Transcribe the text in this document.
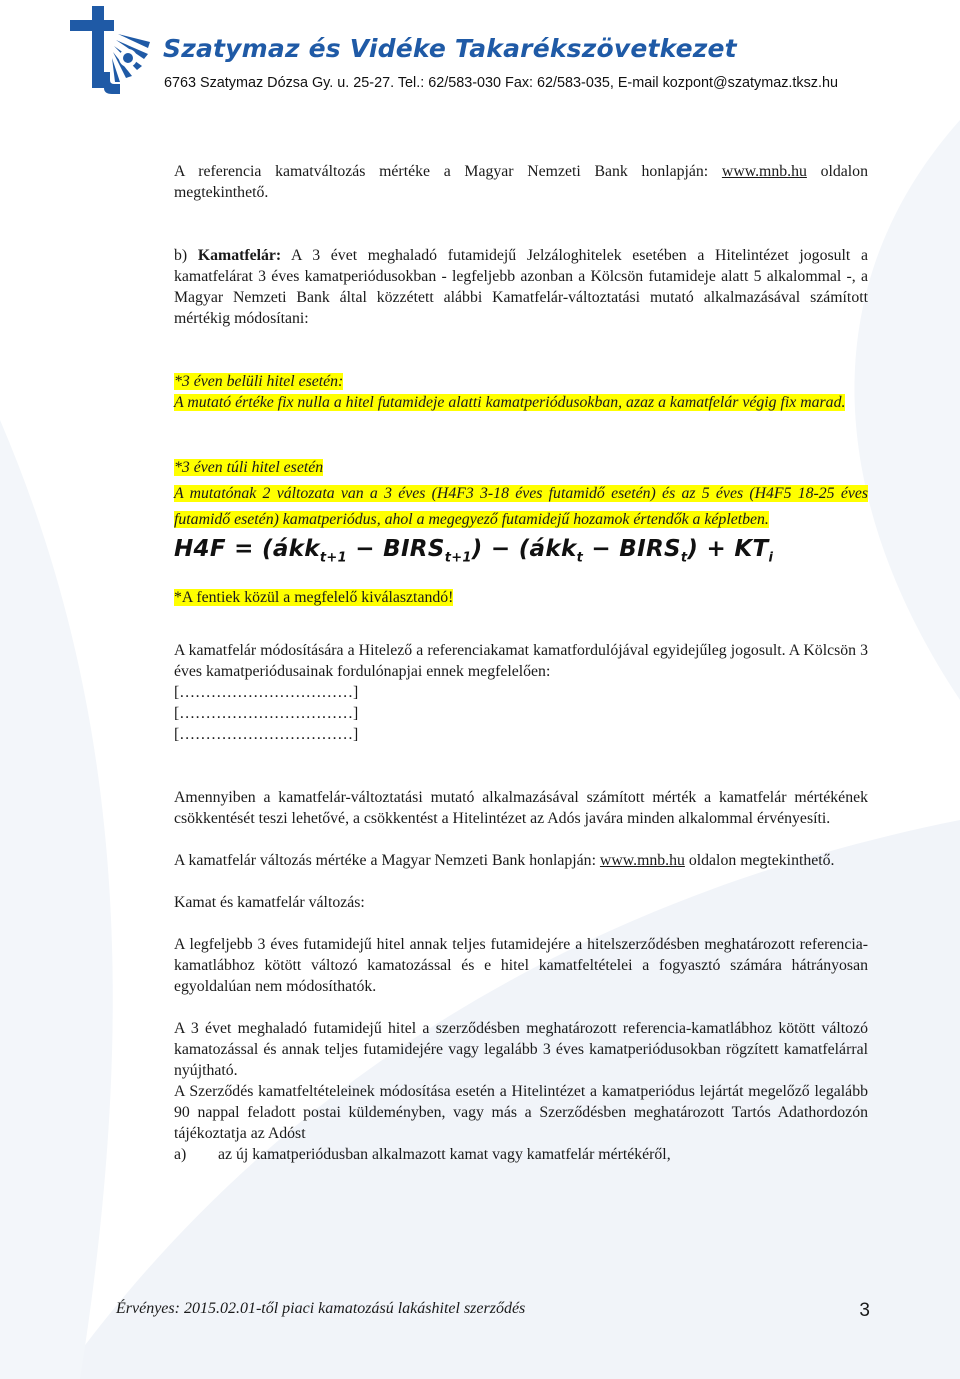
Szatymaz és Vidéke Takarékszövetkezet
6763 Szatymaz Dózsa Gy. u. 25-27. Tel.: 62/583-030 Fax: 62/583-035, E-mail kozpont@szatymaz.tksz.hu

A referencia kamatváltozás mértéke a Magyar Nemzeti Bank honlapján: www.mnb.hu oldalon megtekinthető.

b) Kamatfelár: A 3 évet meghaladó futamidejű Jelzáloghitelek esetében a Hitelintézet jogosult a kamatfelárat 3 éves kamatperiódusokban - legfeljebb azonban a Kölcsön futamideje alatt 5 alkalommal -, a Magyar Nemzeti Bank által közzétett alábbi Kamatfelár-változtatási mutató alkalmazásával számított mértékig módosítani:

*3 éven belüli hitel esetén:
A mutató értéke fix nulla a hitel futamideje alatti kamatperiódusokban, azaz a kamatfelár végig fix marad.

*3 éven túli hitel esetén
A mutatónak 2 változata van a 3 éves (H4F3 3-18 éves futamidő esetén) és az 5 éves (H4F5 18-25 éves futamidő esetén) kamatperiódus, ahol a megegyező futamidejű hozamok értendők a képletben.

H4F = (ákk$_{t+1}$ − $BIRS_{t+1}$) − (ákk$_t$ − $BIRS_t) + KT_i$

*A fentiek közül a megfelelő kiválasztandó!

A kamatfelár módosítására a Hitelező a referenciakamat kamatfordulójával egyidejűleg jogosult. A Kölcsön 3 éves kamatperiódusainak fordulónapjai ennek megfelelően:

[……………………………]

[……………………………]

[……………………………]

Amennyiben a kamatfelár-változtatási mutató alkalmazásával számított mérték a kamatfelár mértékének csökkentését teszi lehetővé, a csökkentést a Hitelintézet az Adós javára minden alkalommal érvényesíti.

A kamatfelár változás mértéke a Magyar Nemzeti Bank honlapján: www.mnb.hu oldalon megtekinthető.

Kamat és kamatfelár változás:

A legfeljebb 3 éves futamidejű hitel annak teljes futamidejére a hitelszerződésben meghatározott referencia-kamatlábhoz kötött változó kamatozással és e hitel kamatfeltételei a fogyasztó számára hátrányosan egyoldalúan nem módosíthatók.

A 3 évet meghaladó futamidejű hitel a szerződésben meghatározott referencia-kamatlábhoz kötött változó kamatozással és annak teljes futamidejére vagy legalább 3 éves kamatperiódusokban rögzített kamatfelárral nyújtható.

A Szerződés kamatfeltételeinek módosítása esetén a Hitelintézet a kamatperiódus lejártát megelőző legalább 90 nappal feladott postai küldeményben, vagy más a Szerződésben meghatározott Tartós Adathordozón tájékoztatja az Adóst

a) az új kamatperiódusban alkalmazott kamat vagy kamatfelár mértékéről,

Érvényes: 2015.02.01-től piaci kamatozású lakáshitel szerződés	3
